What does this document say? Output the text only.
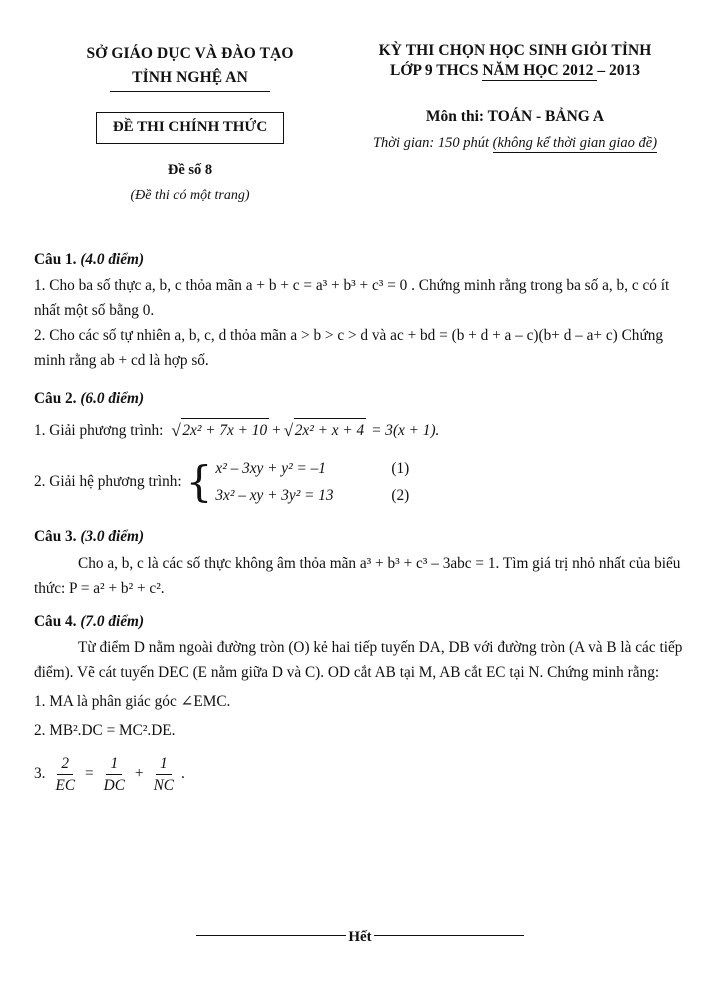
SỞ GIÁO DỤC VÀ ĐÀO TẠO
TỈNH NGHỆ AN
ĐỀ THI CHÍNH THỨC
Đề số 8
(Đề thi có một trang)
KỲ THI CHỌN HỌC SINH GIỎI TỈNH
LỚP 9 THCS NĂM HỌC 2012 – 2013
Môn thi: TOÁN - BẢNG A
Thời gian: 150 phút (không kể thời gian giao đề)
Câu 1. (4.0 điểm)

1. Cho ba số thực a, b, c thỏa mãn a + b + c = a³ + b³ + c³ = 0 . Chứng minh rằng trong ba số a, b, c có ít nhất một số bằng 0.

2. Cho các số tự nhiên a, b, c, d thỏa mãn a > b > c > d và ac + bd = (b + d + a – c)(b+ d – a+ c) Chứng minh rằng ab + cd là hợp số.

Câu 2. (6.0 điểm)
1. Giải phương trình:	√ 2x² + 7x + 10 + √ 2x² + x + 4 = 3(x + 1).
2. Giải hệ phương trình: { x² – 3xy + y² = –1	(1)
3x² – xy + 3y² = 13	(2)
Câu 3. (3.0 điểm)

Cho a, b, c là các số thực không âm thỏa mãn a³ + b³ + c³ – 3abc = 1. Tìm giá trị nhỏ nhất của biểu thức: P = a² + b² + c².

Câu 4. (7.0 điểm)

Từ điểm D nằm ngoài đường tròn (O) kẻ hai tiếp tuyến DA, DB với đường tròn (A và B là các tiếp điểm). Vẽ cát tuyến DEC (E nằm giữa D và C). OD cắt AB tại M, AB cắt EC tại N. Chứng minh rằng:

1. MA là phân giác góc ∠EMC.

2. MB².DC = MC².DE.

3. $\frac{2}{EC} = \frac{1}{DC} + \frac{1}{NC}$ .
Hết
